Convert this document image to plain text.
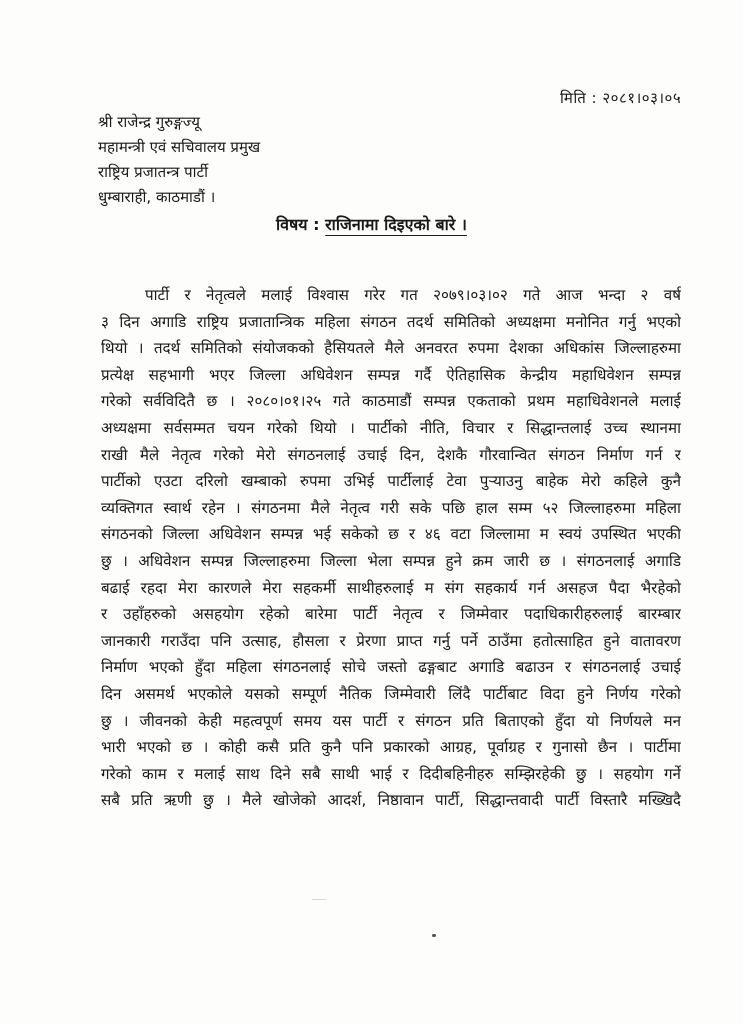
मिति : २०८१।०३।०५
श्री राजेन्द्र गुरुङ्गज्यू
महामन्त्री एवं सचिवालय प्रमुख
राष्ट्रिय प्रजातन्त्र पार्टी
धुम्बाराही, काठमाडौं ।
विषय : राजिनामा दिइएको बारे ।
पार्टी र नेतृत्वले मलाई विश्वास गरेर गत २०७९।०३।०२ गते आज भन्दा २ वर्ष
३ दिन अगाडि राष्ट्रिय प्रजातान्त्रिक महिला संगठन तदर्थ समितिको अध्यक्षमा मनोनित गर्नु भएको
थियो । तदर्थ समितिको संयोजकको हैसियतले मैले अनवरत रुपमा देशका अधिकांस जिल्लाहरुमा
प्रत्येक्ष सहभागी भएर जिल्ला अधिवेशन सम्पन्न गर्दै ऐतिहासिक केन्द्रीय महाधिवेशन सम्पन्न
गरेको सर्वविदितै छ । २०८०।०१।२५ गते काठमाडौं सम्पन्न एकताको प्रथम महाधिवेशनले मलाई
अध्यक्षमा सर्वसम्मत चयन गरेको थियो । पार्टीको नीति, विचार र सिद्धान्तलाई उच्च स्थानमा
राखी मैले नेतृत्व गरेको मेरो संगठनलाई उचाई दिन, देशकै गौरवान्वित संगठन निर्माण गर्न र
पार्टीको एउटा दरिलो खम्बाको रुपमा उभिई पार्टीलाई टेवा पुऱ्याउनु बाहेक मेरो कहिले कुनै
व्यक्तिगत स्वार्थ रहेन । संगठनमा मैले नेतृत्व गरी सके पछि हाल सम्म ५२ जिल्लाहरुमा महिला
संगठनको जिल्ला अधिवेशन सम्पन्न भई सकेको छ र ४६ वटा जिल्लामा म स्वयं उपस्थित भएकी
छु । अधिवेशन सम्पन्न जिल्लाहरुमा जिल्ला भेला सम्पन्न हुने क्रम जारी छ । संगठनलाई अगाडि
बढाई रहदा मेरा कारणले मेरा सहकर्मी साथीहरुलाई म संग सहकार्य गर्न असहज पैदा भैरहेको
र उहाँहरुको असहयोग रहेको बारेमा पार्टी नेतृत्व र जिम्मेवार पदाधिकारीहरुलाई बारम्बार
जानकारी गराउँदा पनि उत्साह, हौसला र प्रेरणा प्राप्त गर्नु पर्ने ठाउँमा हतोत्साहित हुने वातावरण
निर्माण भएको हुँदा महिला संगठनलाई सोचे जस्तो ढङ्गबाट अगाडि बढाउन र संगठनलाई उचाई
दिन असमर्थ भएकोले यसको सम्पूर्ण नैतिक जिम्मेवारी लिंदै पार्टीबाट विदा हुने निर्णय गरेको
छु । जीवनको केही महत्वपूर्ण समय यस पार्टी र संगठन प्रति बिताएको हुँदा यो निर्णयले मन
भारी भएको छ । कोही कसै प्रति कुनै पनि प्रकारको आग्रह, पूर्वाग्रह र गुनासो छैन । पार्टीमा
गरेको काम र मलाई साथ दिने सबै साथी भाई र दिदीबहिनीहरु सम्झिरहेकी छु । सहयोग गर्ने
सबै प्रति ऋणी छु । मैले खोजेको आदर्श, निष्ठावान पार्टी, सिद्धान्तवादी पार्टी विस्तारै मख्खिदै
